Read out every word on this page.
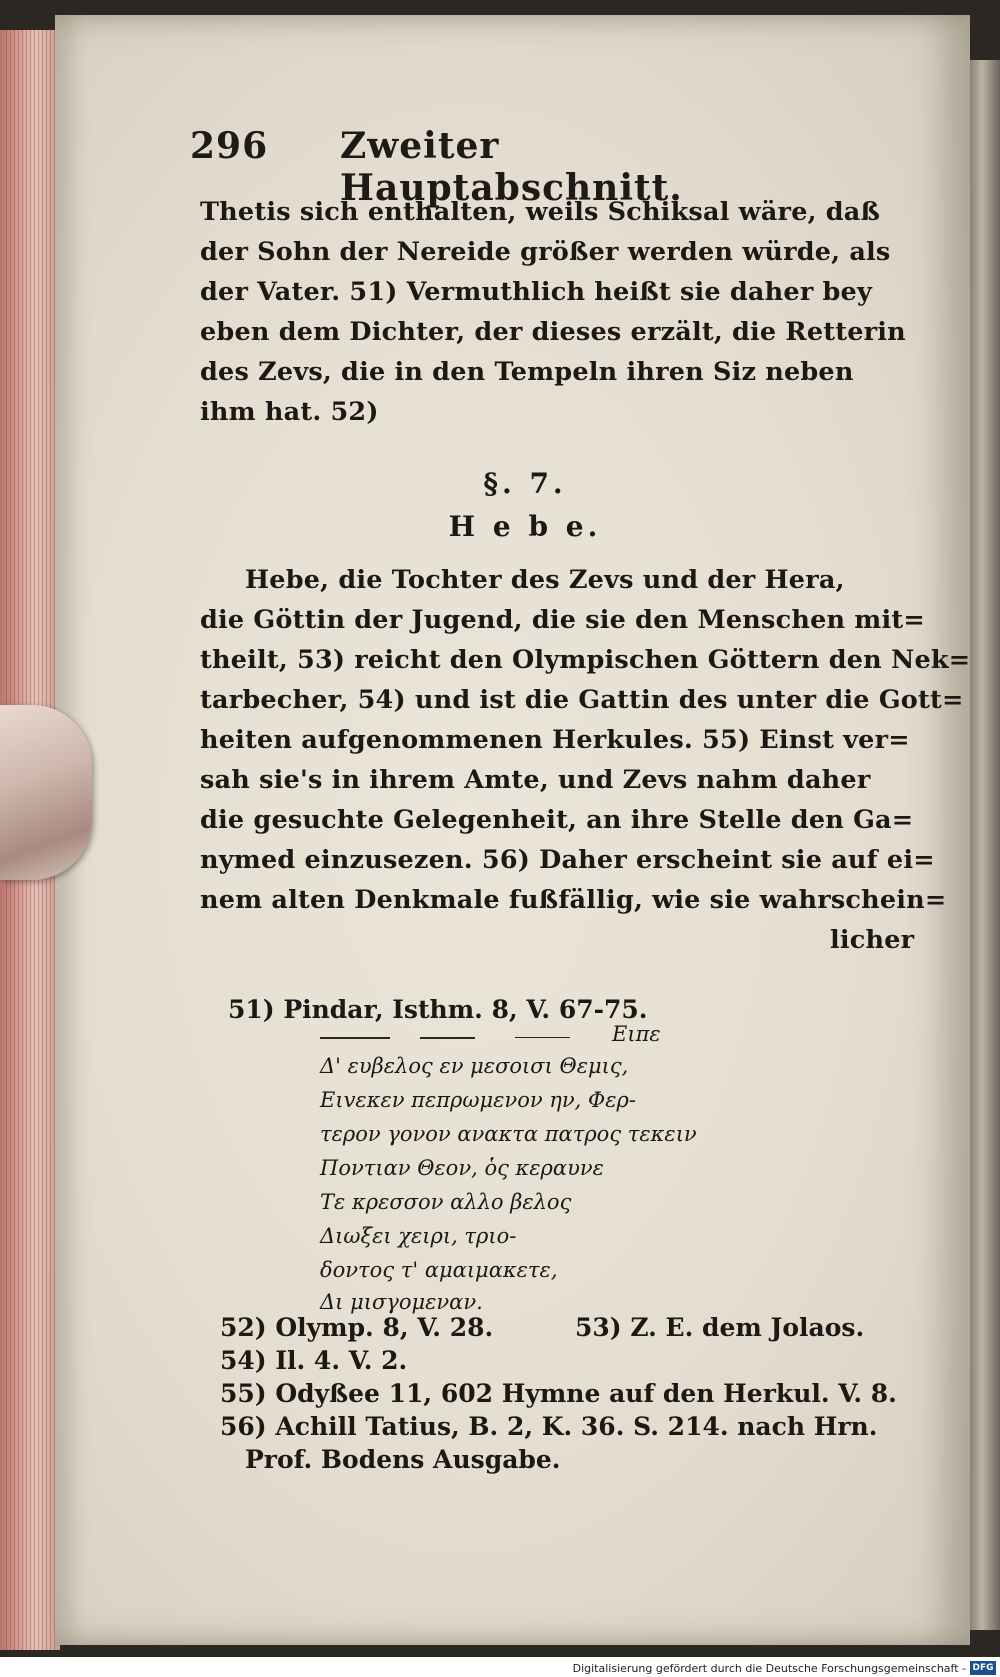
296 Zweiter Hauptabschnitt.
Thetis sich enthalten, weils Schiksal wäre, daß
der Sohn der Nereide größer werden würde, als
der Vater. 51) Vermuthlich heißt sie daher bey
eben dem Dichter, der dieses erzält, die Retterin
des Zevs, die in den Tempeln ihren Siz neben
ihm hat. 52)
§. 7.
H e b e.
Hebe, die Tochter des Zevs und der Hera,
die Göttin der Jugend, die sie den Menschen mit=
theilt, 53) reicht den Olympischen Göttern den Nek=
tarbecher, 54) und ist die Gattin des unter die Gott=
heiten aufgenommenen Herkules. 55) Einst ver=
sah sie's in ihrem Amte, und Zevs nahm daher
die gesuchte Gelegenheit, an ihre Stelle den Ga=
nymed einzusezen. 56) Daher erscheint sie auf ei=
nem alten Denkmale fußfällig, wie sie wahrschein=
licher
51) Pindar, Isthm. 8, V. 67-75.
Ειπε
Δ' ευβελος εν μεσοισι Θεμις,
Ειvεκεν πεπρωμενον ην, Φερ-
τερον γονον ανακτα πατρος τεκειν
Ποντιαν Θεον, ὁς κεραυνε
Τε κρεσσον αλλο βελος
Διωξει χειρι, τριο-
δοντος τ' αμαιμακετε,
Δι μισγομεναν.
52) Olymp. 8, V. 28.	53) Z. E. dem Jolaos.
54) Il. 4. V. 2.
55) Odyßee 11, 602 Hymne auf den Herkul. V. 8.
56) Achill Tatius, B. 2, K. 36. S. 214. nach Hrn.
Prof. Bodens Ausgabe.
Digitalisierung gefördert durch die Deutsche Forschungsgemeinschaft - DFG
